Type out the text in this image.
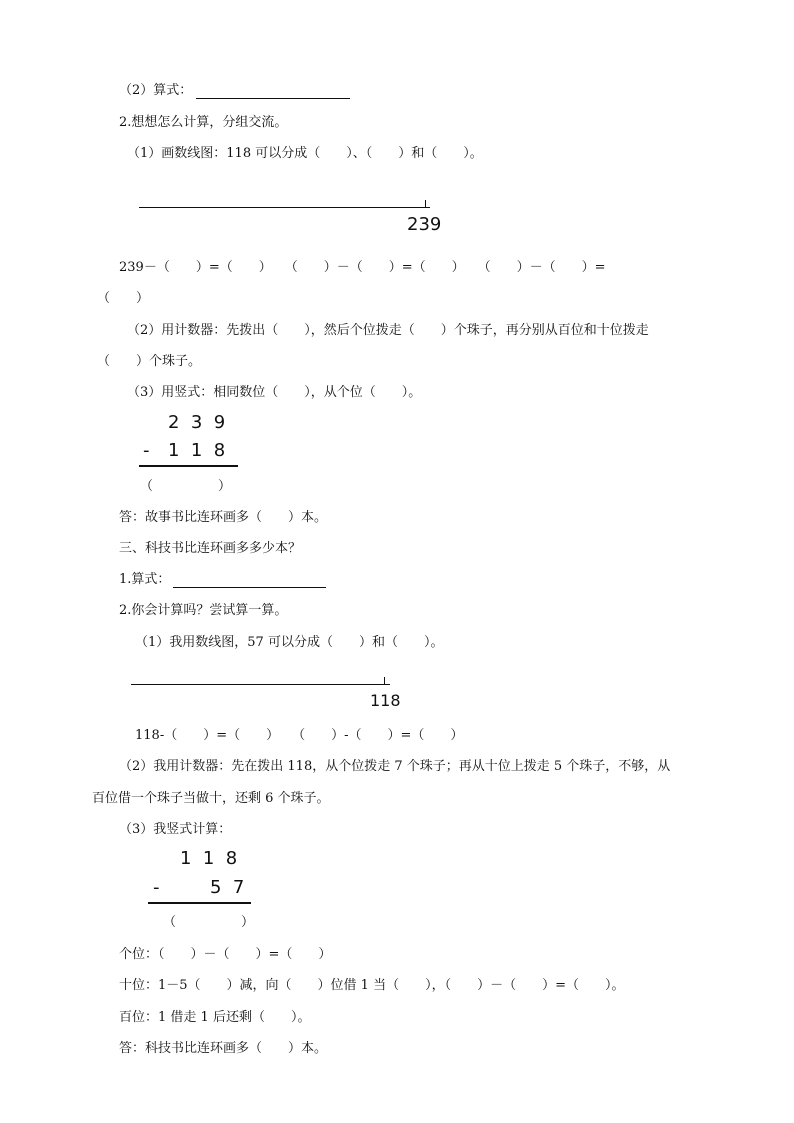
（2）算式：
2.想想怎么计算，分组交流。
（1）画数线图：118 可以分成（　　）、（　　）和（　　）。
239
239－（　　）=（　　）　　（　　）－（　　）=（　　）　　（　　）－（　　）=
（　　）
（2）用计数器：先拨出（　　），然后个位拨走（　　）个珠子，再分别从百位和十位拨走
（　　）个珠子。
（3）用竖式：相同数位（　　），从个位（　　）。
2  3  9
- 1  1  8
（　　　　　）
答：故事书比连环画多（　　）本。
三、科技书比连环画多多少本？
1.算式：
2.你会计算吗？尝试算一算。
（1）我用数线图，57 可以分成（　　）和（　　）。
118
118-（　　）=（　　）　　（　　）-（　　）=（　　）
（2）我用计数器：先在拨出 118，从个位拨走 7 个珠子；再从十位上拨走 5 个珠子，不够，从
百位借一个珠子当做十，还剩 6 个珠子。
（3）我竖式计算：
1  1  8
-	5  7
（　　　　　）
个位：（　　）－（　　）=（　　）
十位：1－5（　　）减，向（　　）位借 1 当（　　），（　　）－（　　）=（　　）。
百位：1 借走 1 后还剩（　　）。
答：科技书比连环画多（　　）本。
